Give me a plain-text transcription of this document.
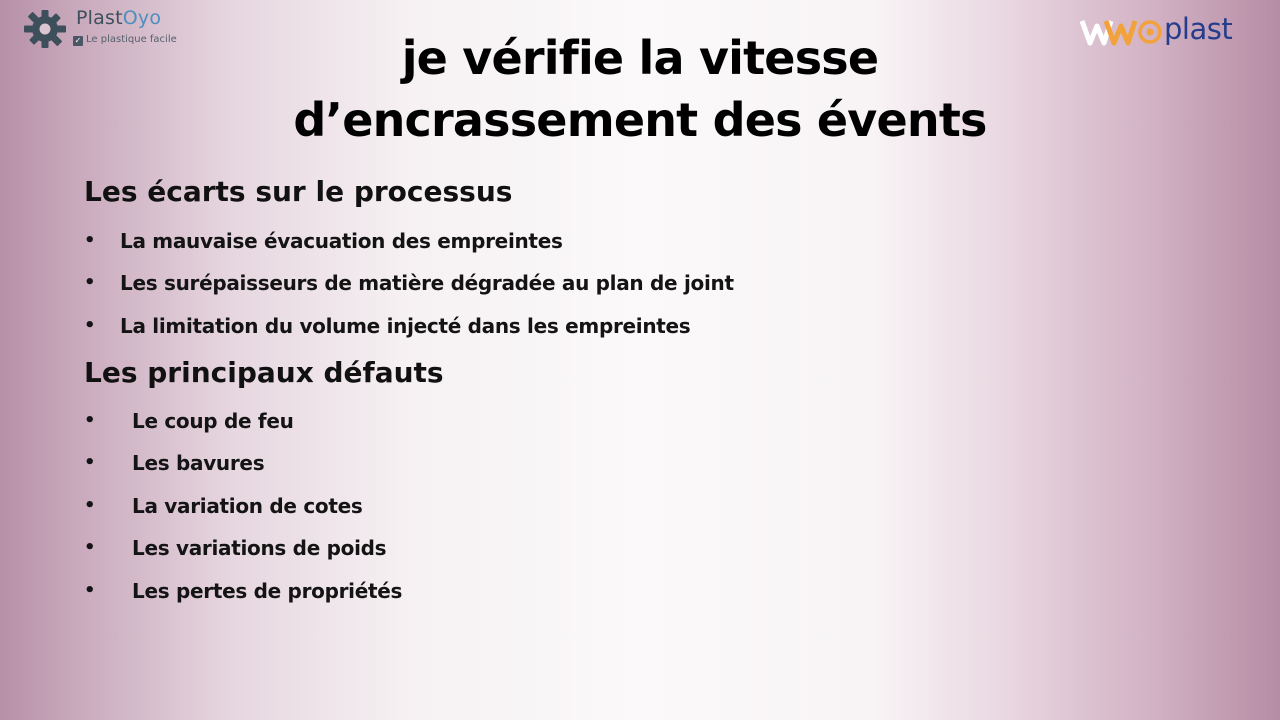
PlastOyo
✓ Le plastique facile	plast
je vérifie la vitesse
d’encrassement des évents
Les écarts sur le processus
• La mauvaise évacuation des empreintes
• Les surépaisseurs de matière dégradée au plan de joint
• La limitation du volume injecté dans les empreintes
Les principaux défauts
• Le coup de feu
• Les bavures
• La variation de cotes
• Les variations de poids
• Les pertes de propriétés
